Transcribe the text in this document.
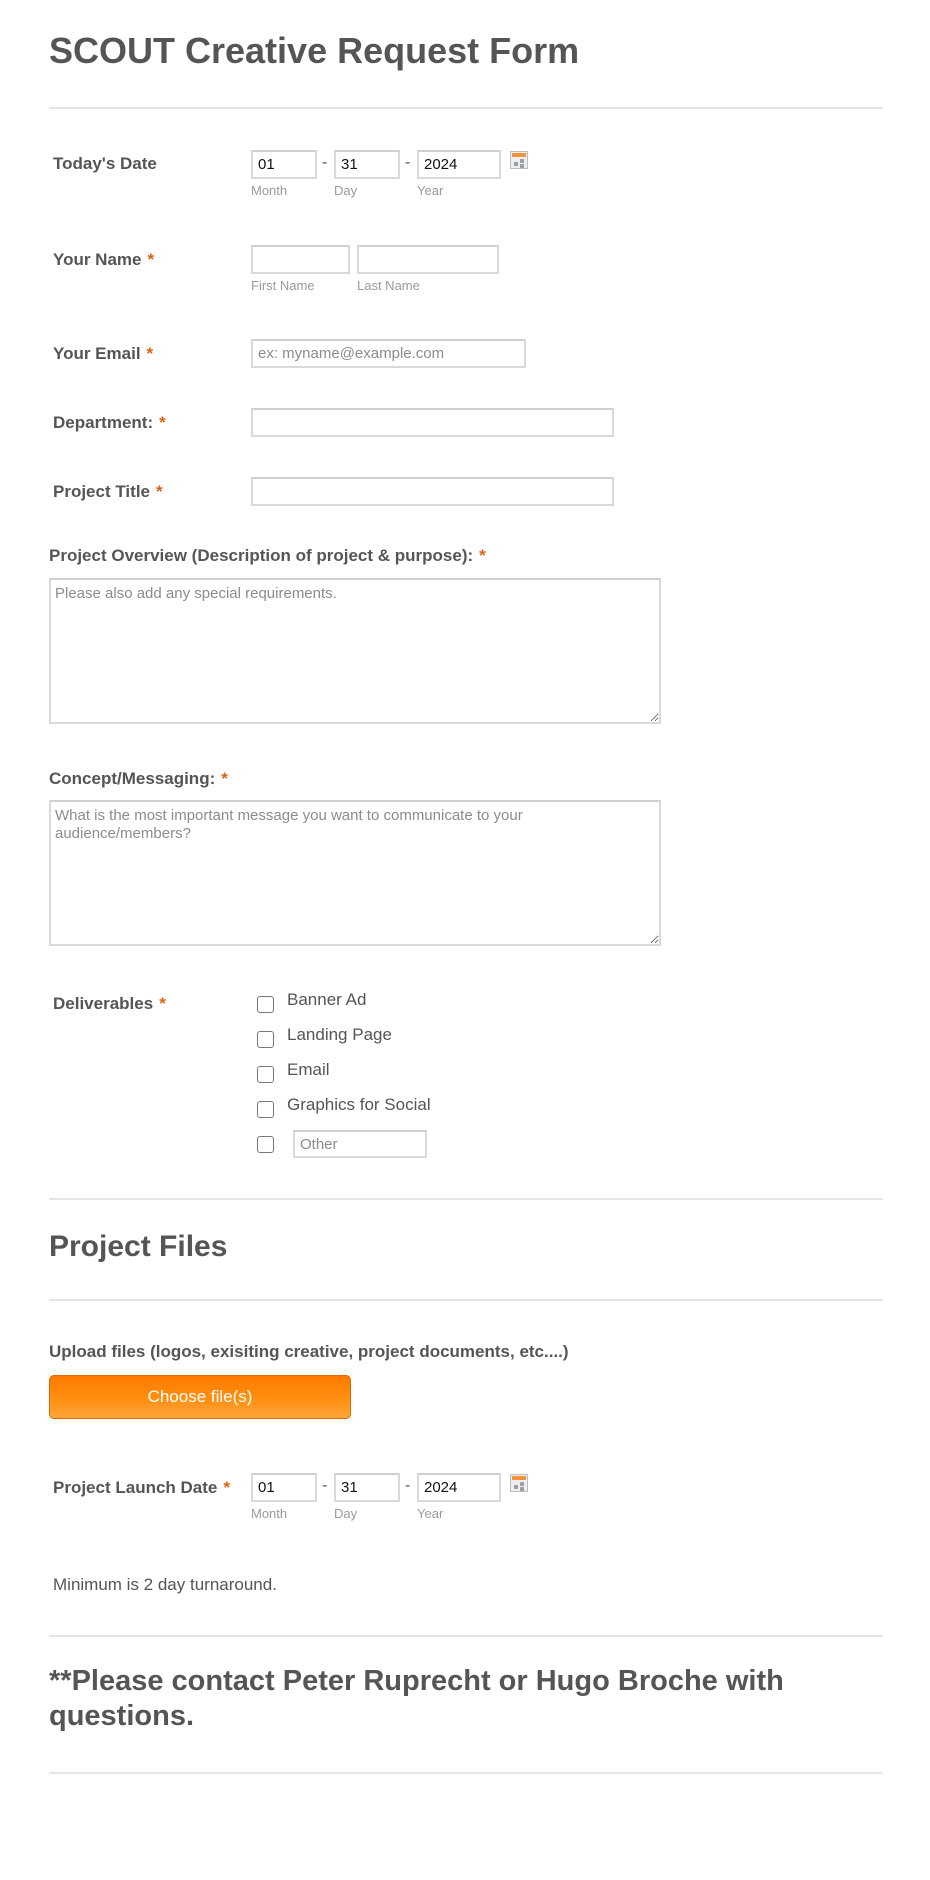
SCOUT Creative Request Form
Today's Date
01	-
31	-
2024
Month	Day	Year
Your Name *
First Name	Last Name
Your Email *
ex: myname@example.com
Department: *
Project Title *
Project Overview (Description of project & purpose): *
Please also add any special requirements.
Concept/Messaging: *
What is the most important message you want to communicate to your audience/members?
Deliverables *	Banner Ad
Landing Page
Email
Graphics for Social
Other
Project Files
Upload files (logos, exisiting creative, project documents, etc....)
Choose file(s)
Project Launch Date *
01	-
31	-
2024
Month	Day	Year
Minimum is 2 day turnaround.
**Please contact Peter Ruprecht or Hugo Broche with questions.
